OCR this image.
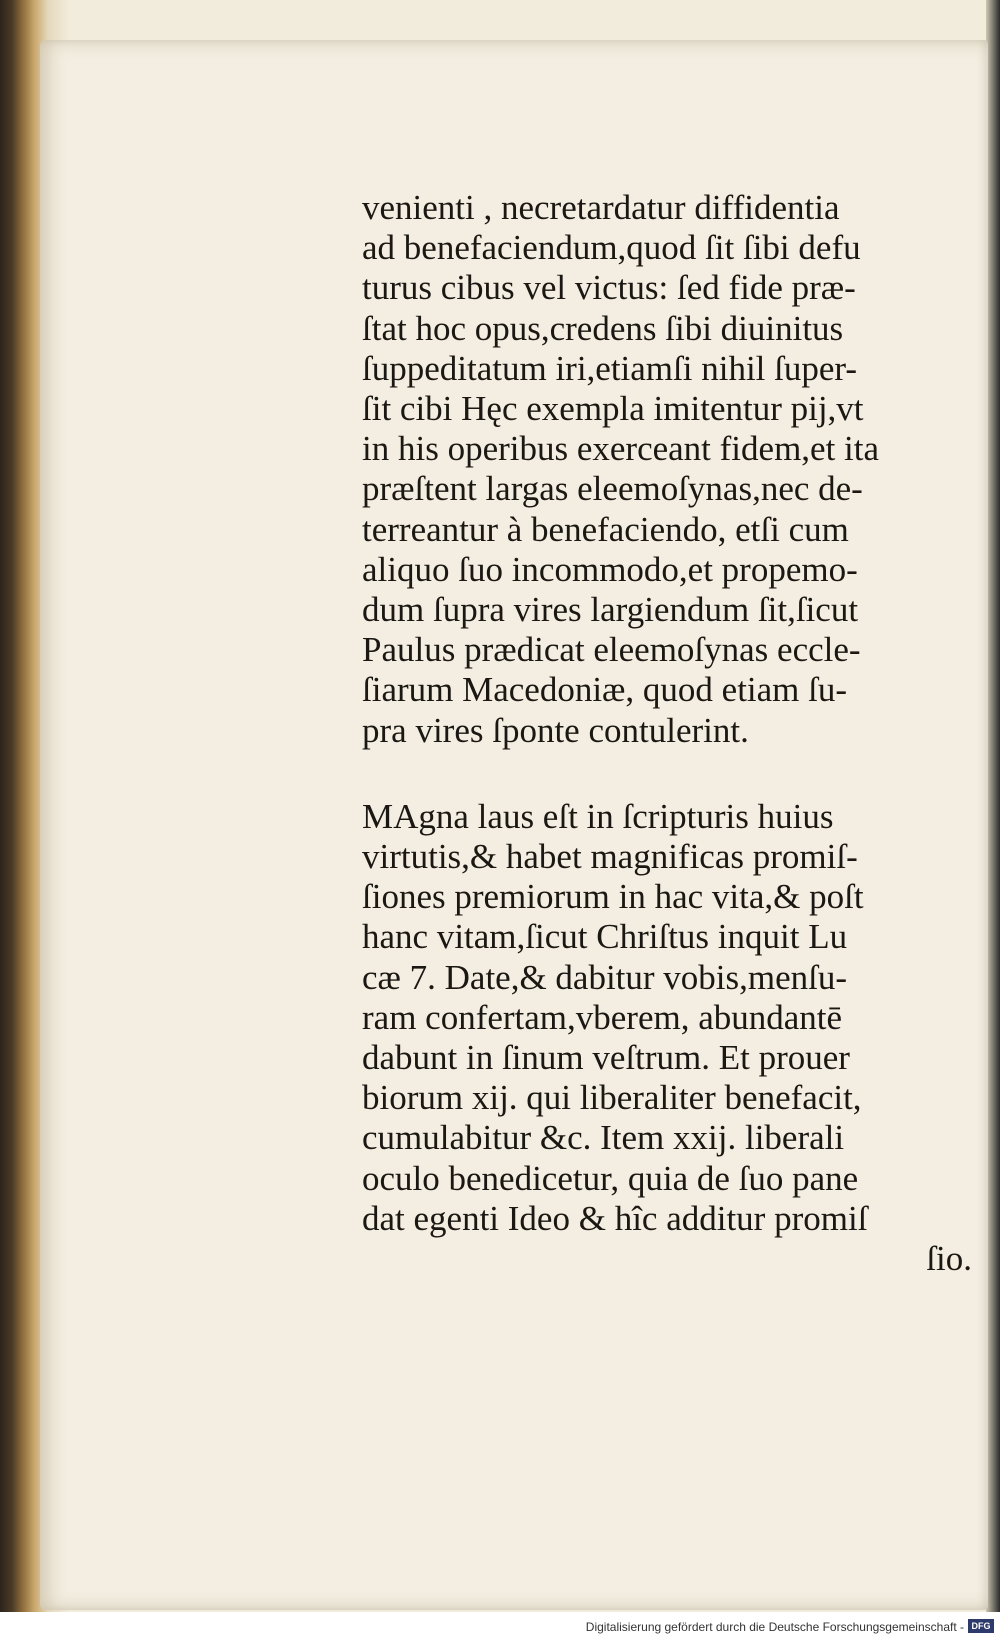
venienti , necretardatur diffidentia
ad benefaciendum,quod ſit ſibi defu
turus cibus vel victus: ſed fide præ-
ſtat hoc opus,credens ſibi diuinitus
ſuppeditatum iri,etiamſi nihil ſuper-
ſit cibi Hęc exempla imitentur pij,vt
in his operibus exerceant fidem,et ita
præſtent largas eleemoſynas,nec de-
terreantur à benefaciendo, etſi cum
aliquo ſuo incommodo,et propemo-
dum ſupra vires largiendum ſit,ſicut
Paulus prædicat eleemoſynas eccle-
ſiarum Macedoniæ, quod etiam ſu-
pra vires ſponte contulerint.
MAgna laus eſt in ſcripturis huius
virtutis,& habet magnificas promiſ-
ſiones premiorum in hac vita,& poſt
hanc vitam,ſicut Chriſtus inquit Lu
cæ 7. Date,& dabitur vobis,menſu-
ram confertam,vberem, abundantē
dabunt in ſinum veſtrum. Et prouer
biorum xij. qui liberaliter benefacit,
cumulabitur &c. Item xxij. liberali
oculo benedicetur, quia de ſuo pane
dat egenti Ideo & hîc additur promiſ
ſio.
Digitalisierung gefördert durch die Deutsche Forschungsgemeinschaft - DFG
